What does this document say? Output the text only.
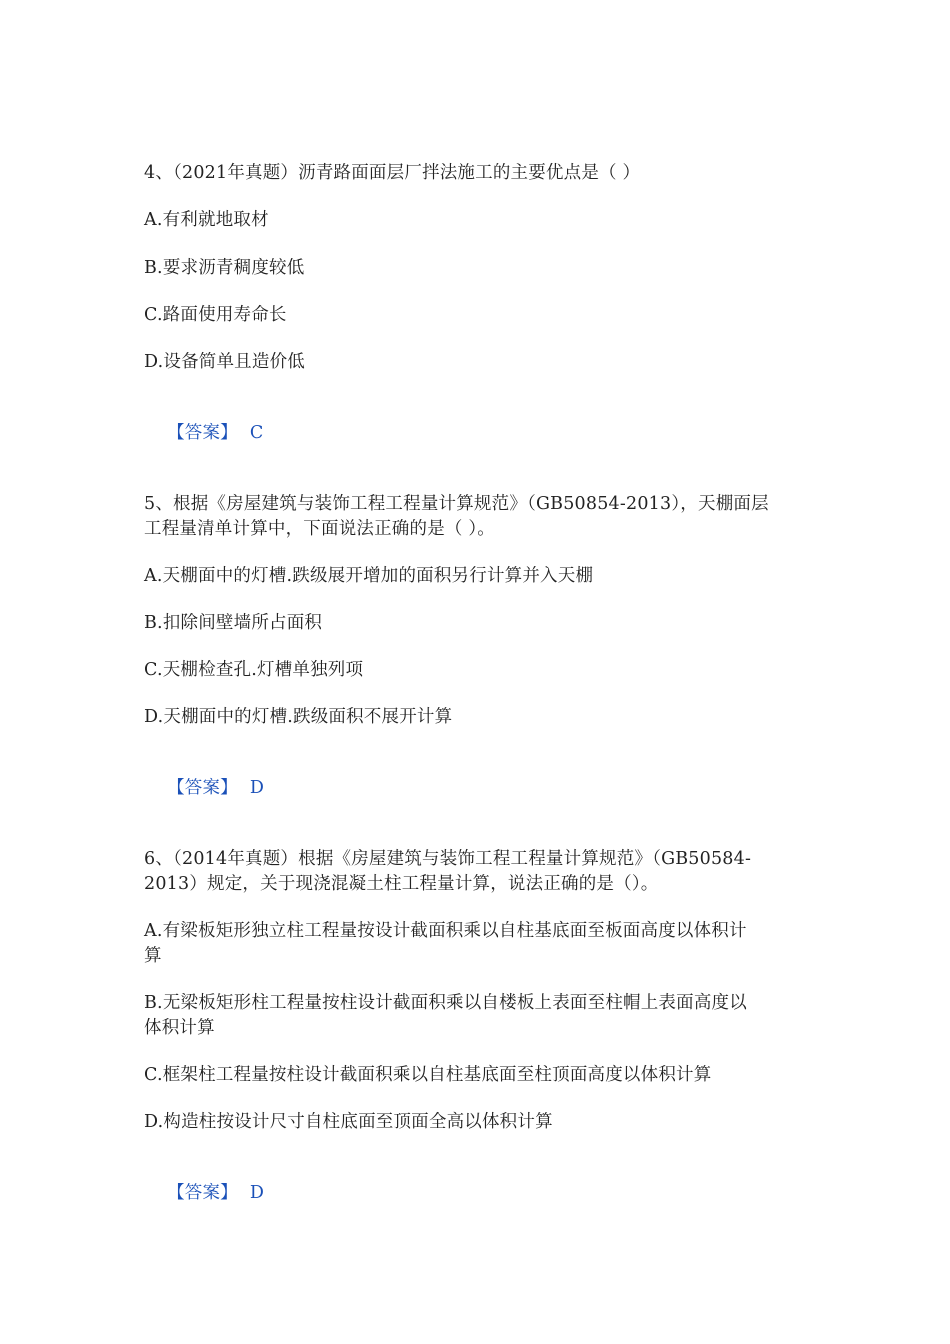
4、（2021年真题）沥青路面面层厂拌法施工的主要优点是（ ）
A.有利就地取材
B.要求沥青稠度较低
C.路面使用寿命长
D.设备简单且造价低

【答案】 C

5、根据《房屋建筑与装饰工程工程量计算规范》（GB50854-2013），天棚面层
工程量清单计算中，下面说法正确的是（ ）。
A.天棚面中的灯槽.跌级展开增加的面积另行计算并入天棚
B.扣除间壁墙所占面积
C.天棚检查孔.灯槽单独列项
D.天棚面中的灯槽.跌级面积不展开计算

【答案】 D

6、（2014年真题）根据《房屋建筑与装饰工程工程量计算规范》（GB50584-
2013）规定，关于现浇混凝土柱工程量计算，说法正确的是（）。
A.有梁板矩形独立柱工程量按设计截面积乘以自柱基底面至板面高度以体积计
算
B.无梁板矩形柱工程量按柱设计截面积乘以自楼板上表面至柱帽上表面高度以
体积计算
C.框架柱工程量按柱设计截面积乘以自柱基底面至柱顶面高度以体积计算
D.构造柱按设计尺寸自柱底面至顶面全高以体积计算

【答案】 D
